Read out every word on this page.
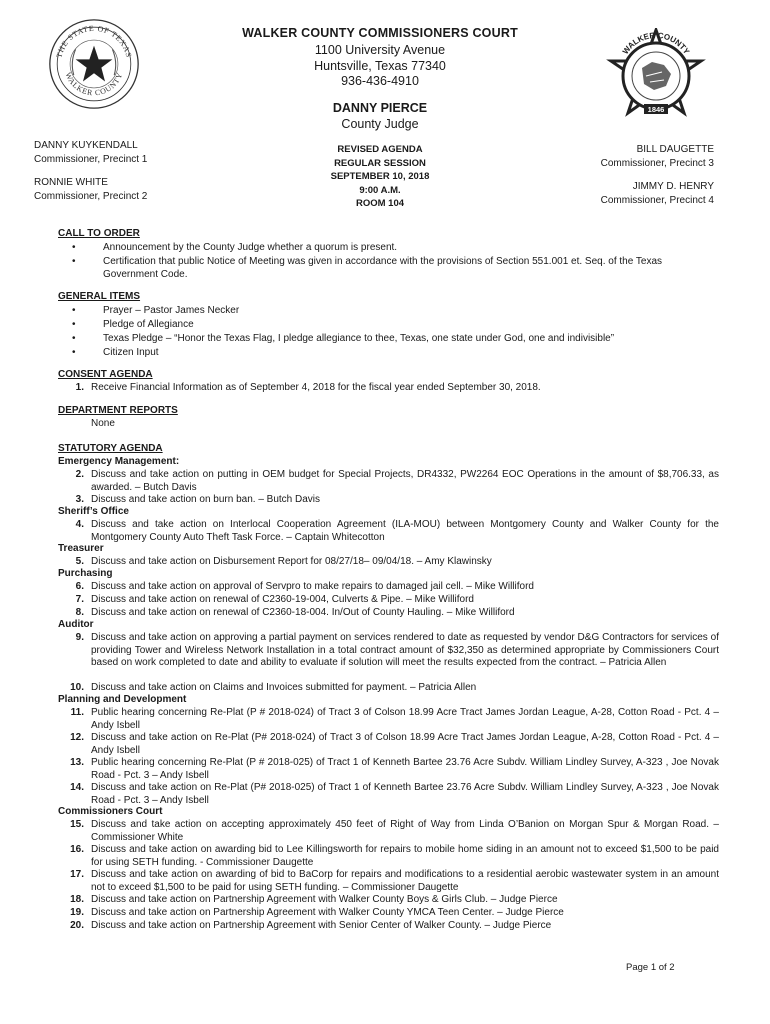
THE STATE OF TEXAS
WALKER COUNTY
WALKER COUNTY
1846
WALKER COUNTY COMMISSIONERS COURT
1100 University Avenue
Huntsville, Texas 77340
936-436-4910
DANNY PIERCE
County Judge
REVISED AGENDA
REGULAR SESSION
SEPTEMBER 10, 2018
9:00 A.M.
ROOM 104
DANNY KUYKENDALL
Commissioner, Precinct 1
RONNIE WHITE
Commissioner, Precinct 2
BILL DAUGETTE
Commissioner, Precinct 3
JIMMY D. HENRY
Commissioner, Precinct 4
CALL TO ORDER
•	Announcement by the County Judge whether a quorum is present.
•	Certification that public Notice of Meeting was given in accordance with the provisions of Section 551.001 et. Seq. of the Texas Government Code.
GENERAL ITEMS
•	Prayer – Pastor James Necker
•	Pledge of Allegiance
•	Texas Pledge – “Honor the Texas Flag, I pledge allegiance to thee, Texas, one state under God, one and indivisible”
•	Citizen Input
CONSENT AGENDA
1. Receive Financial Information as of September 4, 2018 for the fiscal year ended September 30, 2018.
DEPARTMENT REPORTS
None
STATUTORY AGENDA
Emergency Management:
2. Discuss and take action on putting in OEM budget for Special Projects, DR4332, PW2264 EOC Operations in the amount of $8,706.33, as awarded. – Butch Davis
3. Discuss and take action on burn ban. – Butch Davis
Sheriff’s Office
4. Discuss and take action on Interlocal Cooperation Agreement (ILA-MOU) between Montgomery County and Walker County for the Montgomery County Auto Theft Task Force. – Captain Whitecotton
Treasurer
5. Discuss and take action on Disbursement Report for 08/27/18– 09/04/18. – Amy Klawinsky
Purchasing
6. Discuss and take action on approval of Servpro to make repairs to damaged jail cell. – Mike Williford
7. Discuss and take action on renewal of C2360-19-004, Culverts & Pipe. – Mike Williford
8. Discuss and take action on renewal of C2360-18-004. In/Out of County Hauling. – Mike Williford
Auditor
9. Discuss and take action on approving a partial payment on services rendered to date as requested by vendor D&G Contractors for services of providing Tower and Wireless Network Installation in a total contract amount of $32,350 as determined appropriate by Commissioners Court based on work completed to date and ability to evaluate if solution will meet the results expected from the contract. – Patricia Allen
10. Discuss and take action on Claims and Invoices submitted for payment. – Patricia Allen
Planning and Development
11. Public hearing concerning Re-Plat (P # 2018-024) of Tract 3 of Colson 18.99 Acre Tract James Jordan League, A-28, Cotton Road - Pct. 4 – Andy Isbell
12. Discuss and take action on Re-Plat (P# 2018-024) of Tract 3 of Colson 18.99 Acre Tract James Jordan League, A-28, Cotton Road - Pct. 4 – Andy Isbell
13. Public hearing concerning Re-Plat (P # 2018-025) of Tract 1 of Kenneth Bartee 23.76 Acre Subdv. William Lindley Survey, A-323 , Joe Novak Road - Pct. 3 – Andy Isbell
14. Discuss and take action on Re-Plat (P# 2018-025) of Tract 1 of Kenneth Bartee 23.76 Acre Subdv. William Lindley Survey, A-323 , Joe Novak Road - Pct. 3 – Andy Isbell
Commissioners Court
15. Discuss and take action on accepting approximately 450 feet of Right of Way from Linda O’Banion on Morgan Spur & Morgan Road. – Commissioner White
16. Discuss and take action on awarding bid to Lee Killingsworth for repairs to mobile home siding in an amount not to exceed $1,500 to be paid for using SETH funding. - Commissioner Daugette
17. Discuss and take action on awarding of bid to BaCorp for repairs and modifications to a residential aerobic wastewater system in an amount not to exceed $1,500 to be paid for using SETH funding. – Commissioner Daugette
18. Discuss and take action on Partnership Agreement with Walker County Boys & Girls Club. – Judge Pierce
19. Discuss and take action on Partnership Agreement with Walker County YMCA Teen Center. – Judge Pierce
20. Discuss and take action on Partnership Agreement with Senior Center of Walker County. – Judge Pierce
Page 1 of 2
